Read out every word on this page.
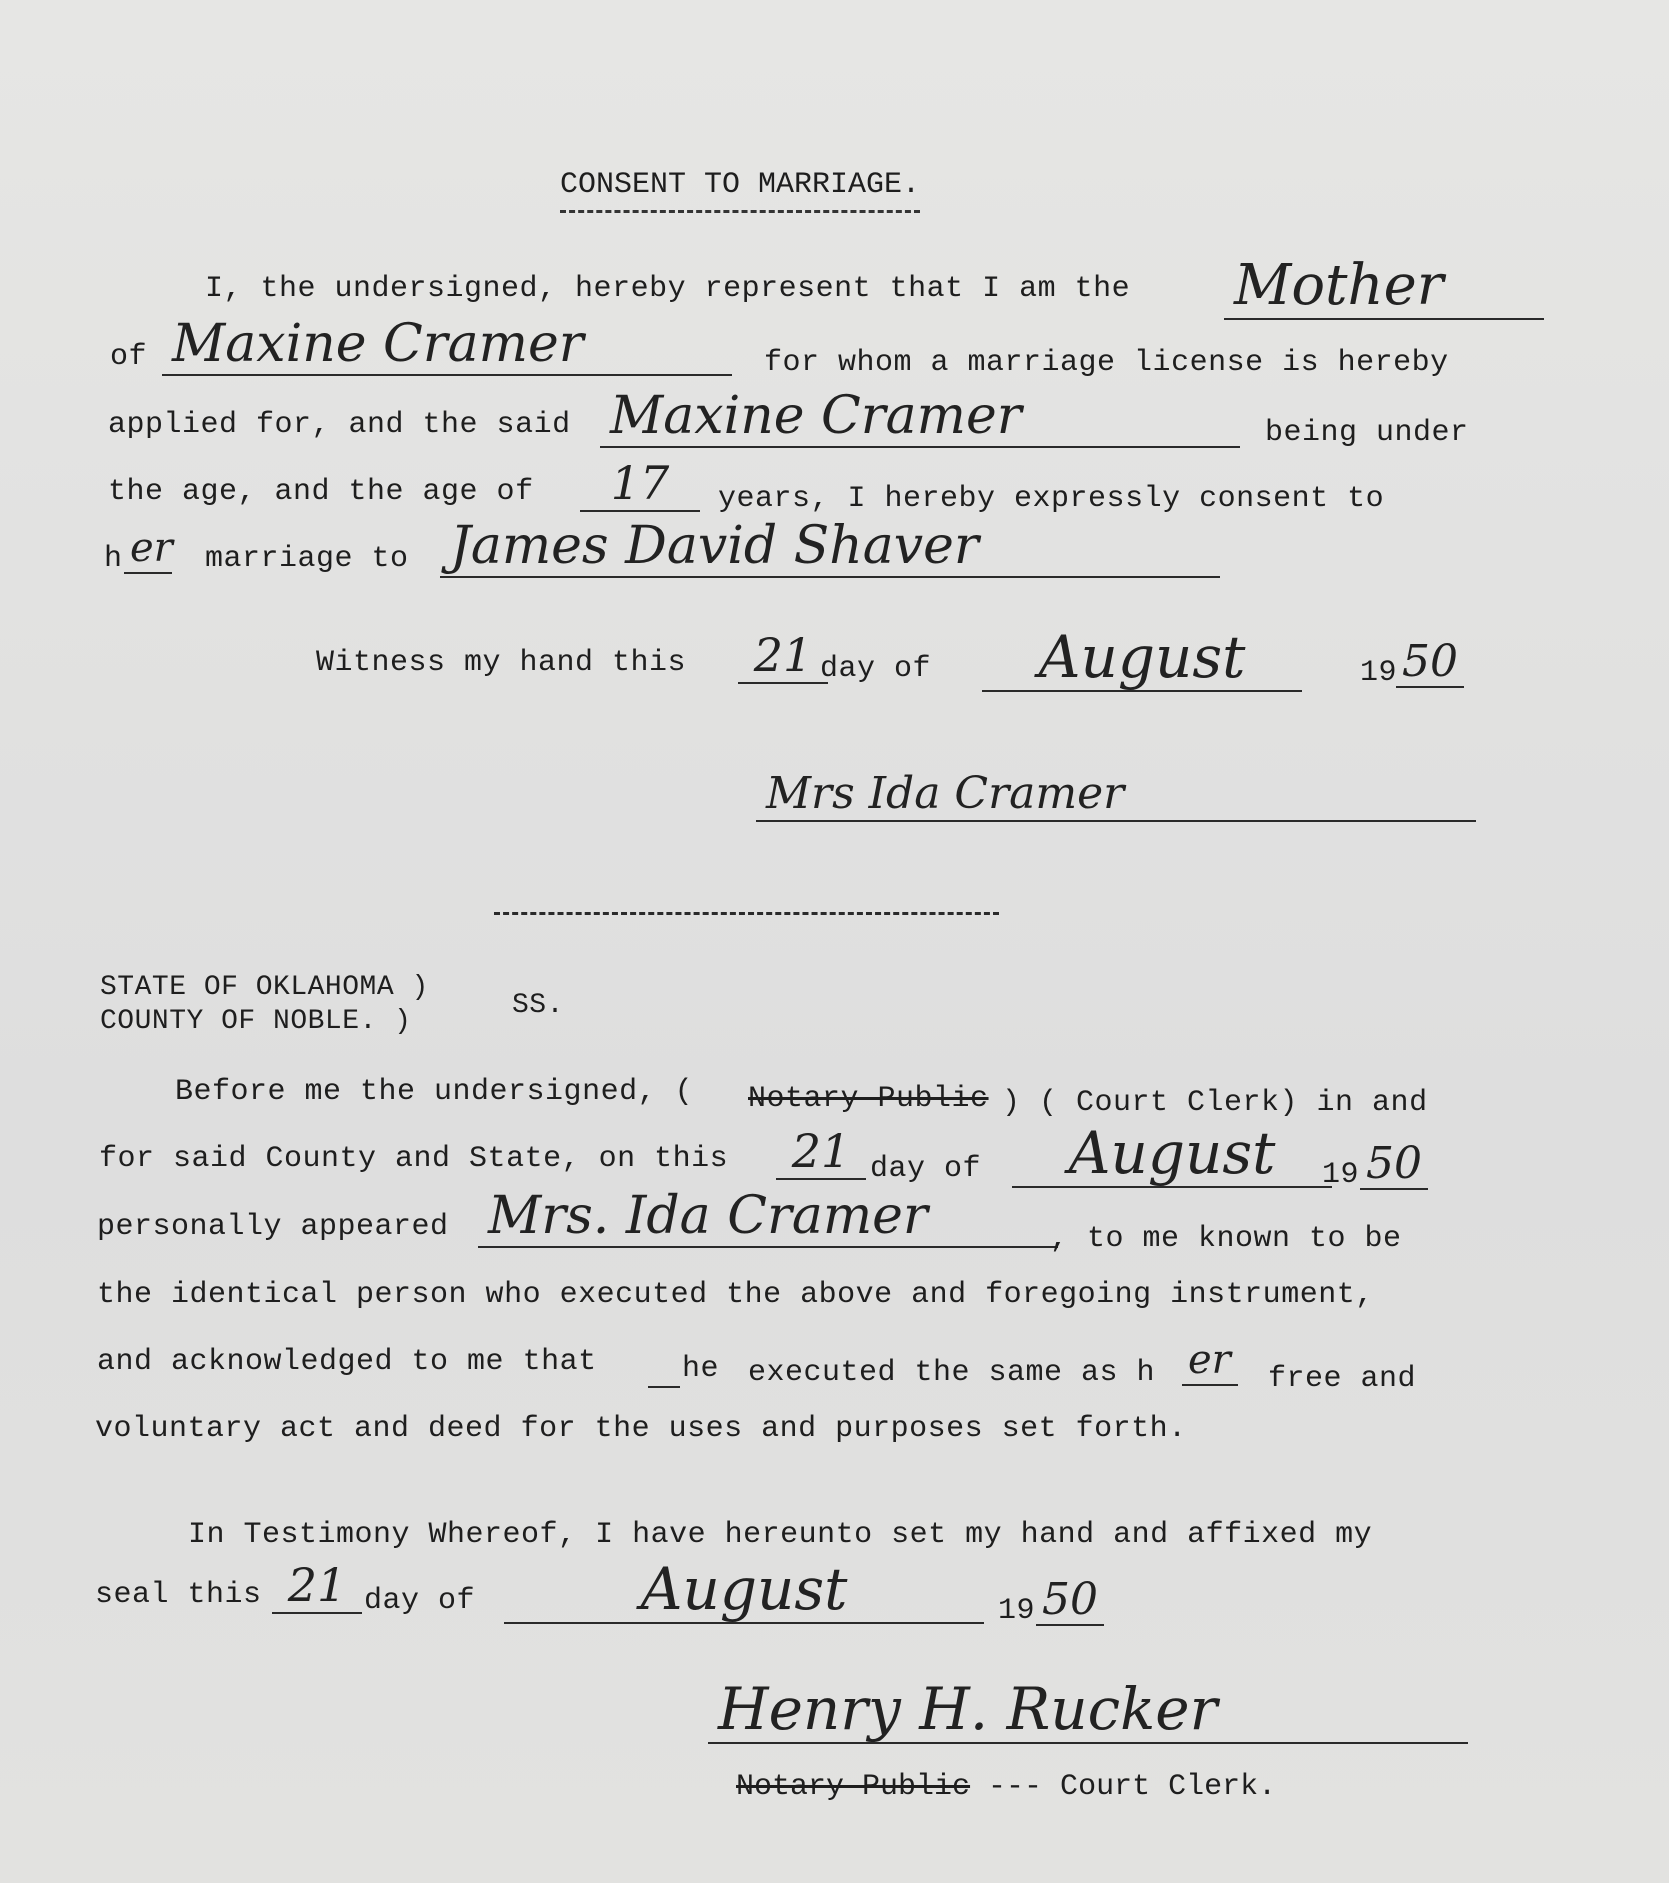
CONSENT TO MARRIAGE.
I, the undersigned, hereby represent that I am the Mother
of Maxine Cramer	for whom a marriage license is hereby
applied for, and the said Maxine Cramer	being under
the age, and the age of	17	years, I hereby expressly consent to
h er marriage to James David Shaver
Witness my hand this	21 day of	August	19 50
Mrs Ida Cramer
STATE OF OKLAHOMA )
COUNTY OF NOBLE. )
SS.
Before me the undersigned, ( Notary Public ) ( Court Clerk) in and
for said County and State, on this	21 day of	August	19 50
personally appeared Mrs. Ida Cramer	, to me known to be
the identical person who executed the above and foregoing instrument,
and acknowledged to me that	he executed the same as h er free and
voluntary act and deed for the uses and purposes set forth.
In Testimony Whereof, I have hereunto set my hand and affixed my
seal this 21 day of	August	19 50
Henry H. Rucker
Notary Public --- Court Clerk.
